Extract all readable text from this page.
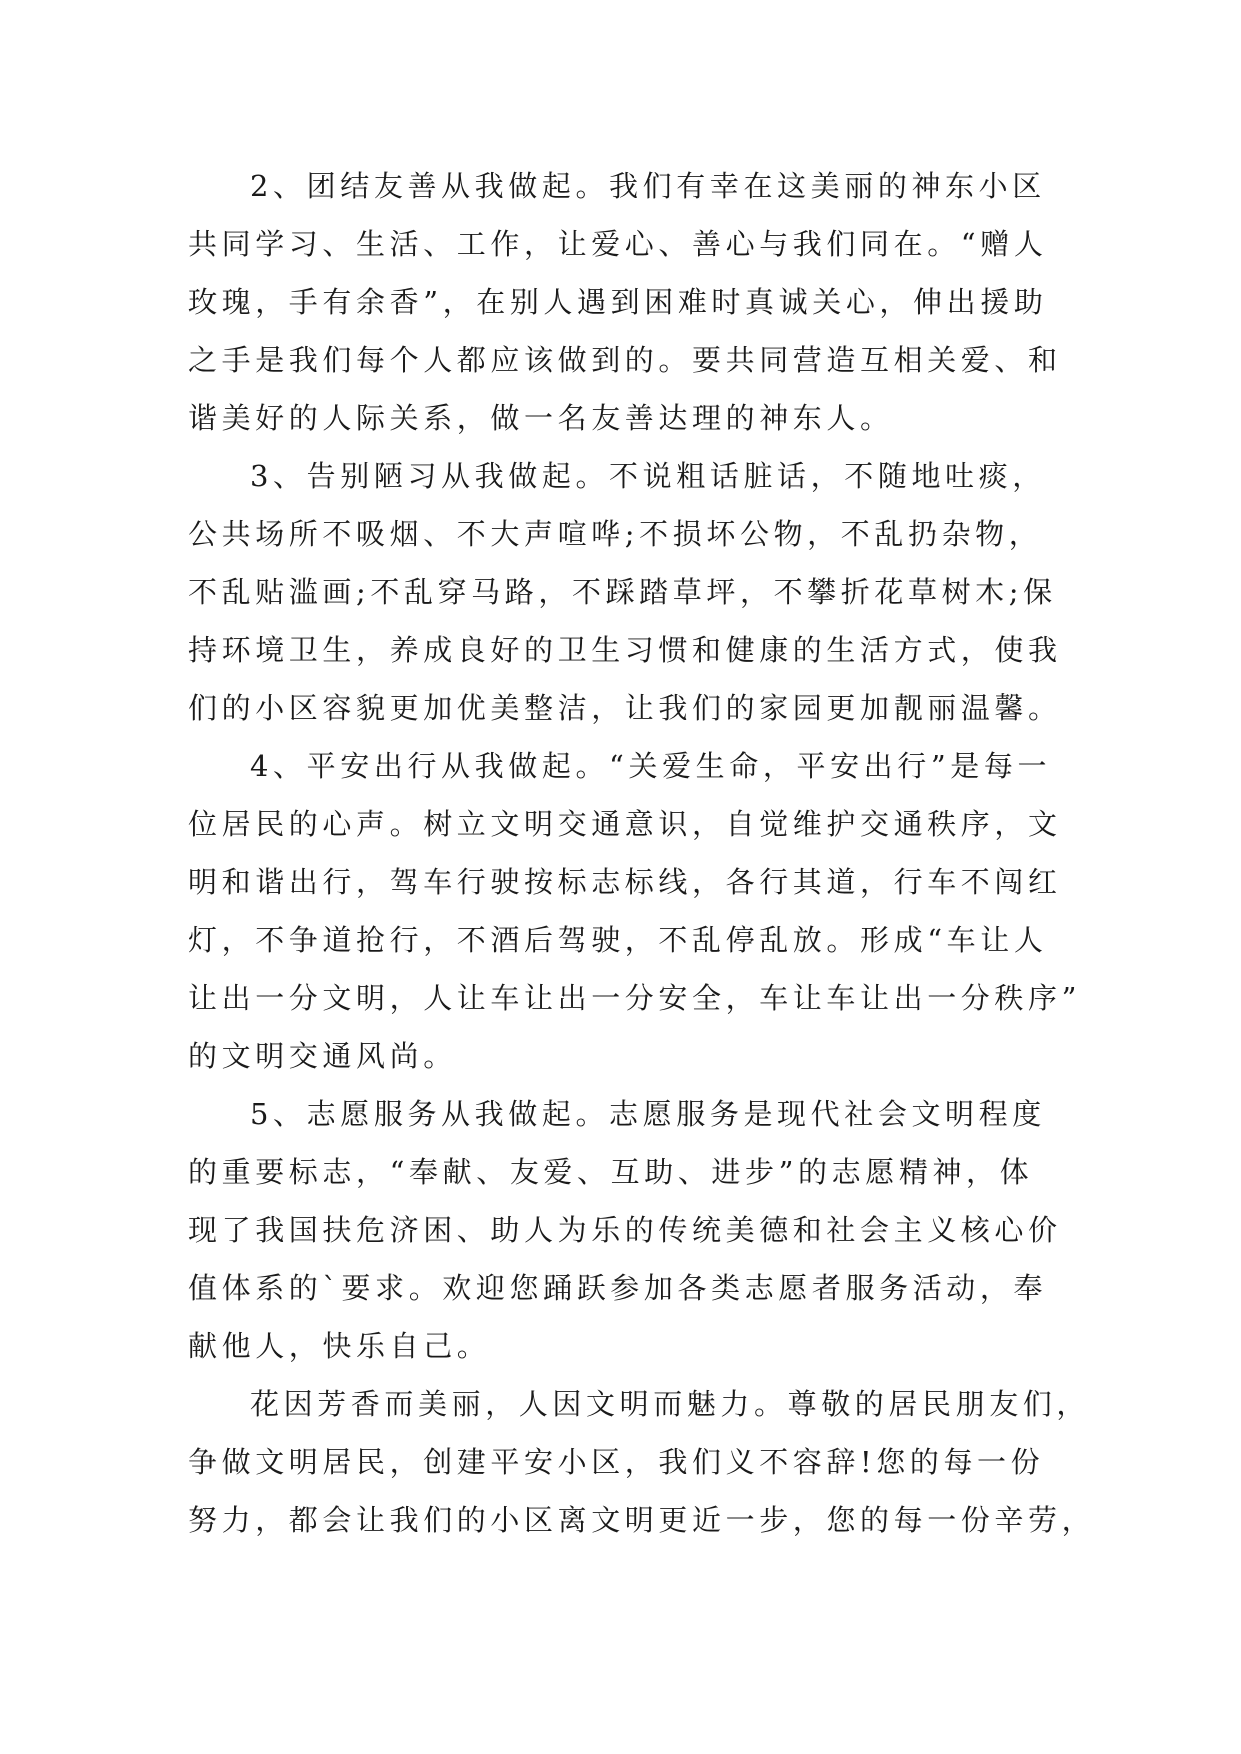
2、团结友善从我做起。我们有幸在这美丽的神东小区
共同学习、生活、工作，让爱心、善心与我们同在。“赠人
玫瑰，手有余香”，在别人遇到困难时真诚关心，伸出援助
之手是我们每个人都应该做到的。要共同营造互相关爱、和
谐美好的人际关系，做一名友善达理的神东人。
3、告别陋习从我做起。不说粗话脏话，不随地吐痰，
公共场所不吸烟、不大声喧哗;不损坏公物，不乱扔杂物，
不乱贴滥画;不乱穿马路，不踩踏草坪，不攀折花草树木;保
持环境卫生，养成良好的卫生习惯和健康的生活方式，使我
们的小区容貌更加优美整洁，让我们的家园更加靓丽温馨。
4、平安出行从我做起。“关爱生命，平安出行”是每一
位居民的心声。树立文明交通意识，自觉维护交通秩序，文
明和谐出行，驾车行驶按标志标线，各行其道，行车不闯红
灯，不争道抢行，不酒后驾驶，不乱停乱放。形成“车让人
让出一分文明，人让车让出一分安全，车让车让出一分秩序”
的文明交通风尚。
5、志愿服务从我做起。志愿服务是现代社会文明程度
的重要标志，“奉献、友爱、互助、进步”的志愿精神，体
现了我国扶危济困、助人为乐的传统美德和社会主义核心价
值体系的`要求。欢迎您踊跃参加各类志愿者服务活动，奉
献他人，快乐自己。
花因芳香而美丽，人因文明而魅力。尊敬的居民朋友们，
争做文明居民，创建平安小区，我们义不容辞!您的每一份
努力，都会让我们的小区离文明更近一步，您的每一份辛劳，
